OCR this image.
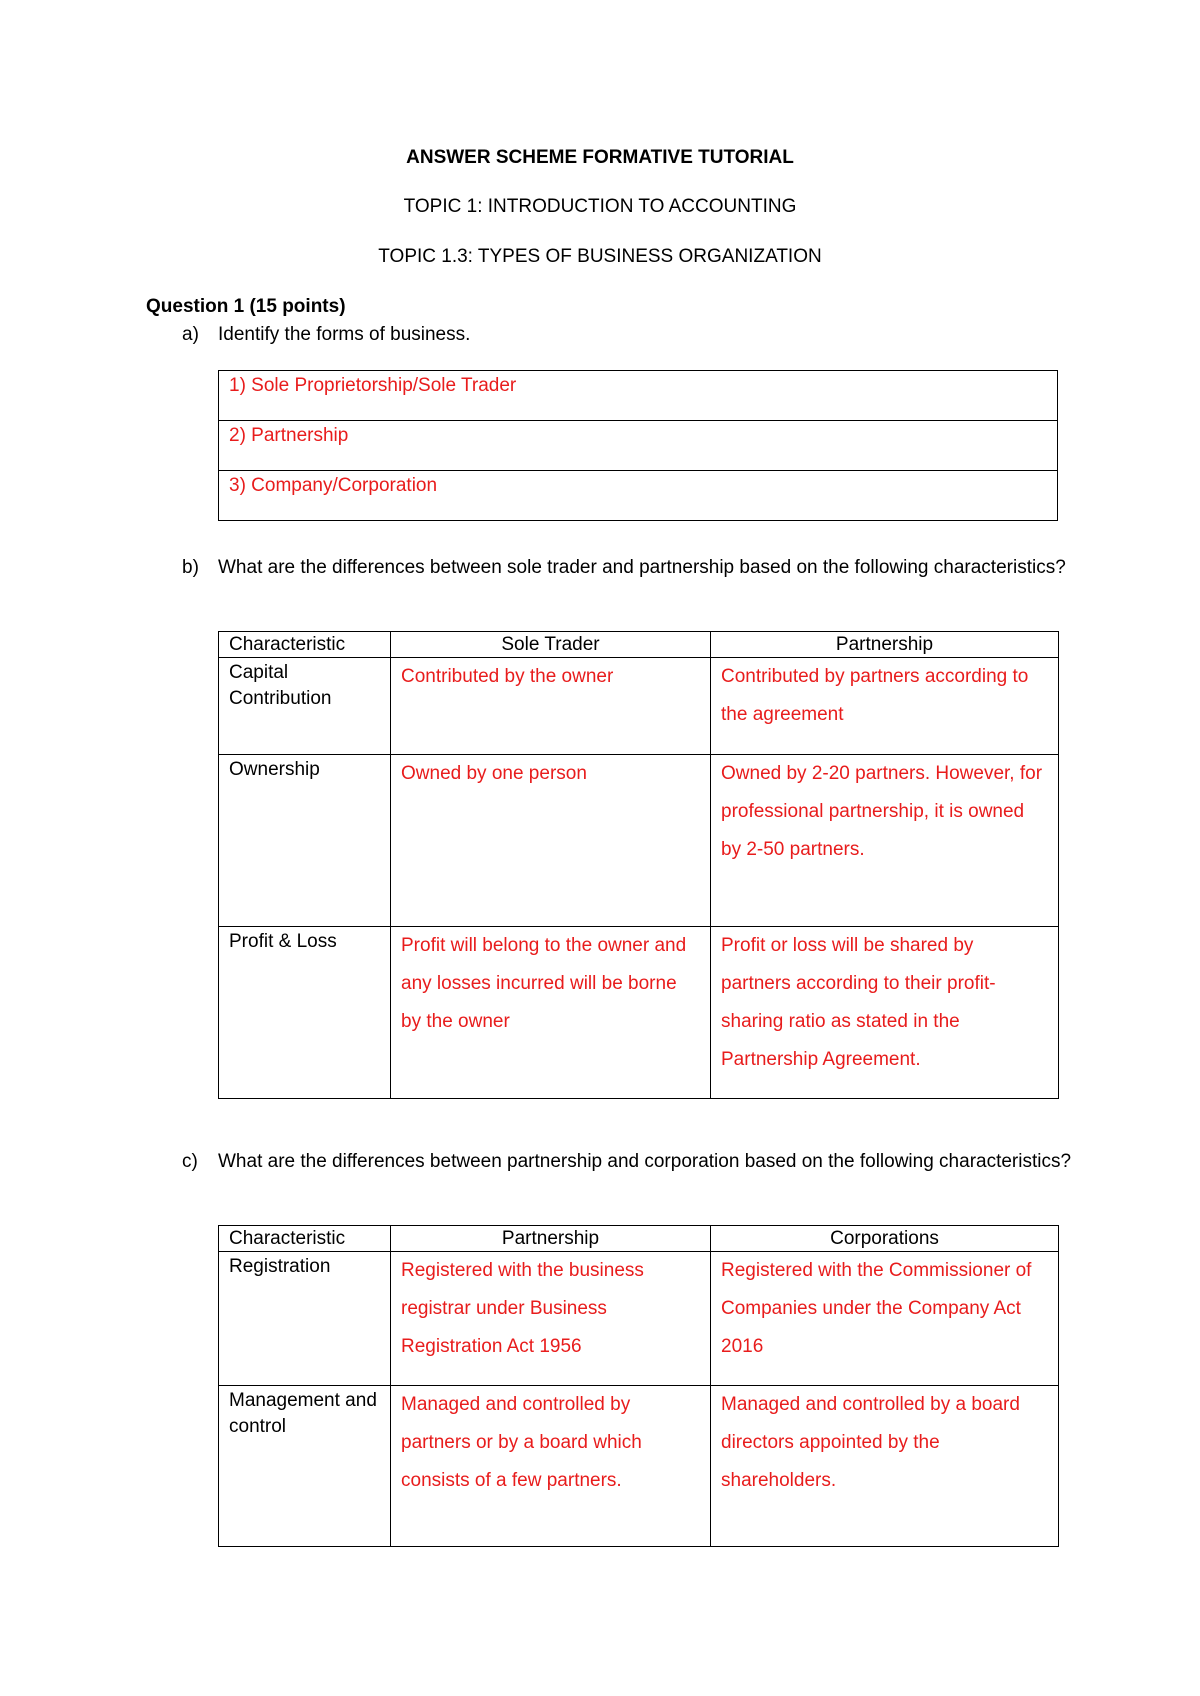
ANSWER SCHEME FORMATIVE TUTORIAL
TOPIC 1: INTRODUCTION TO ACCOUNTING
TOPIC 1.3: TYPES OF BUSINESS ORGANIZATION
Question 1 (15 points)
a) Identify the forms of business.
1) Sole Proprietorship/Sole Trader
2) Partnership
3) Company/Corporation
b) What are the differences between sole trader and partnership based on the following characteristics?
Characteristic	Sole Trader	Partnership
Capital Contribution	Contributed by the owner	Contributed by partners according to the agreement
Ownership	Owned by one person	Owned by 2-20 partners. However, for professional partnership, it is owned by 2-50 partners.
Profit & Loss	Profit will belong to the owner and any losses incurred will be borne by the owner	Profit or loss will be shared by partners according to their profit-sharing ratio as stated in the Partnership Agreement.
c) What are the differences between partnership and corporation based on the following characteristics?
Characteristic	Partnership	Corporations
Registration	Registered with the business registrar under Business Registration Act 1956	Registered with the Commissioner of Companies under the Company Act 2016
Management and control	Managed and controlled by partners or by a board which consists of a few partners.	Managed and controlled by a board directors appointed by the shareholders.
